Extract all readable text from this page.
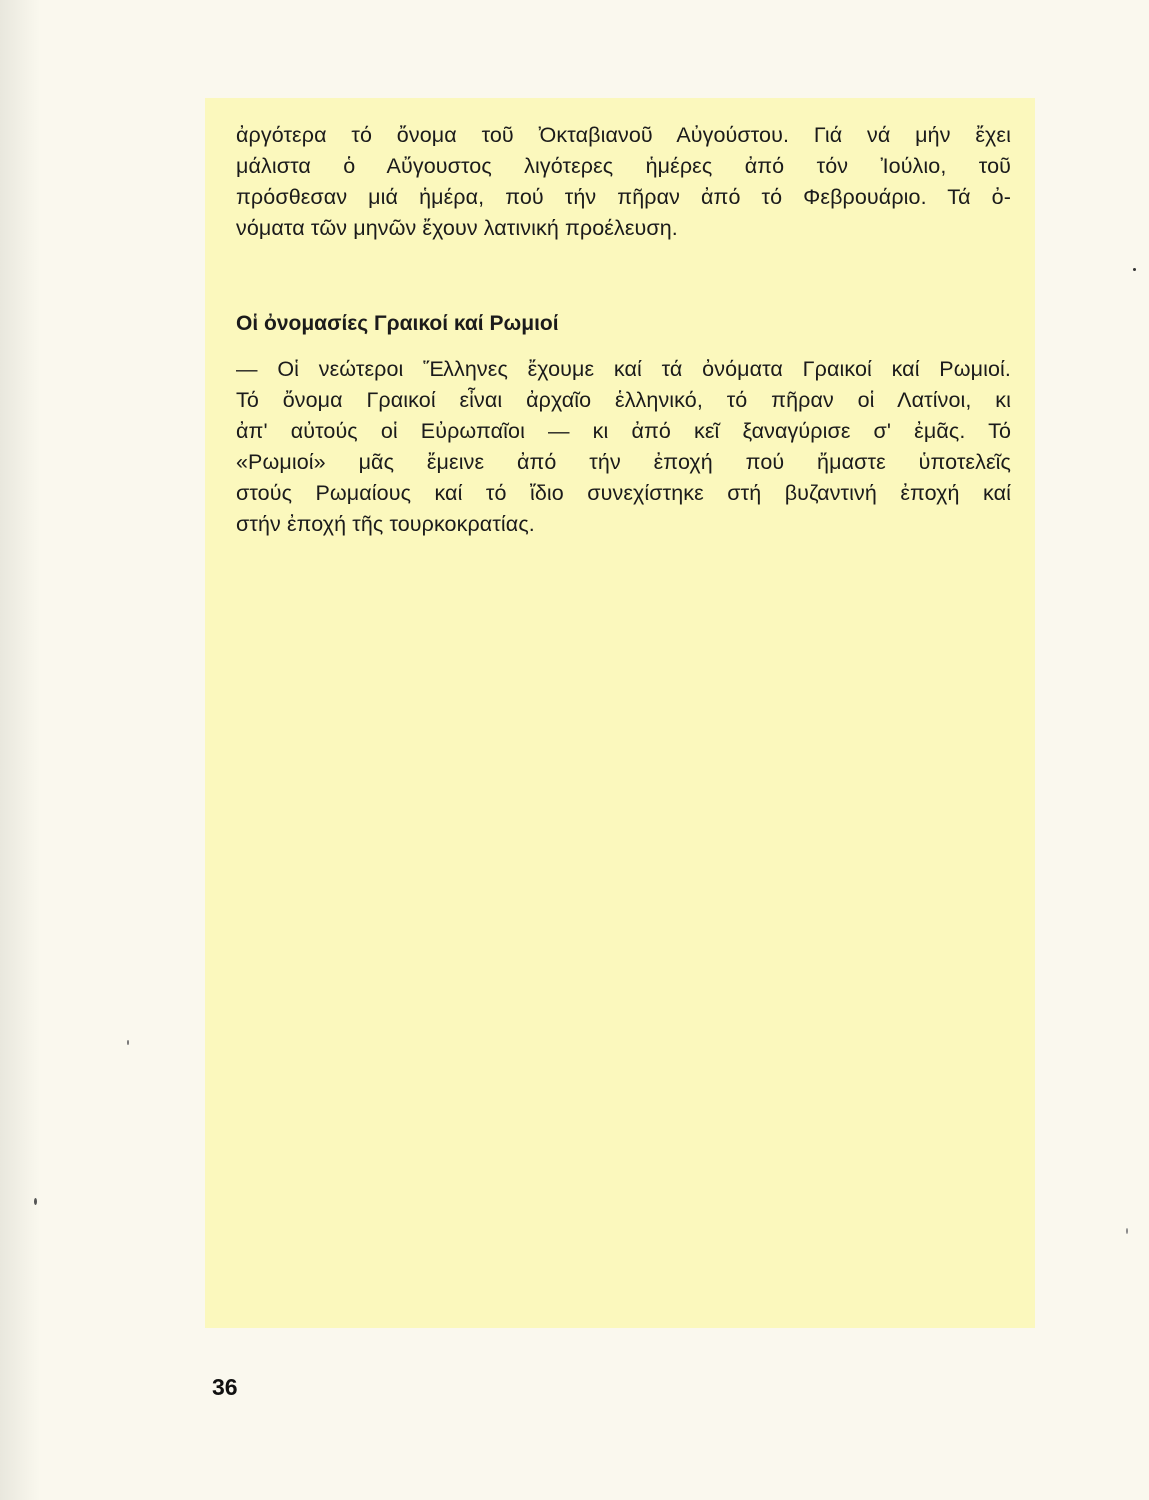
ἀργότερα τό ὄνομα τοῦ Ὀκταβιανοῦ Αὐγούστου. Γιά νά μήν ἔχει
μάλιστα ὁ Αὔγουστος λιγότερες ἡμέρες ἀπό τόν Ἰούλιο, τοῦ
πρόσθεσαν μιά ἡμέρα, πού τήν πῆραν ἀπό τό Φεβρουάριο. Τά ὀ-
νόματα τῶν μηνῶν ἔχουν λατινική προέλευση.

Οἱ ὀνομασίες Γραικοί καί Ρωμιοί

— Οἱ νεώτεροι Ἕλληνες ἔχουμε καί τά ὀνόματα Γραικοί καί Ρωμιοί.
Τό ὄνομα Γραικοί εἶναι ἀρχαῖο ἑλληνικό, τό πῆραν οἱ Λατίνοι, κι
ἀπ' αὐτούς οἱ Εὐρωπαῖοι — κι ἀπό κεῖ ξαναγύρισε σ' ἐμᾶς. Τό
«Ρωμιοί» μᾶς ἔμεινε ἀπό τήν ἐποχή πού ἤμαστε ὑποτελεῖς
στούς Ρωμαίους καί τό ἴδιο συνεχίστηκε στή βυζαντινή ἐποχή καί
στήν ἐποχή τῆς τουρκοκρατίας.

36
